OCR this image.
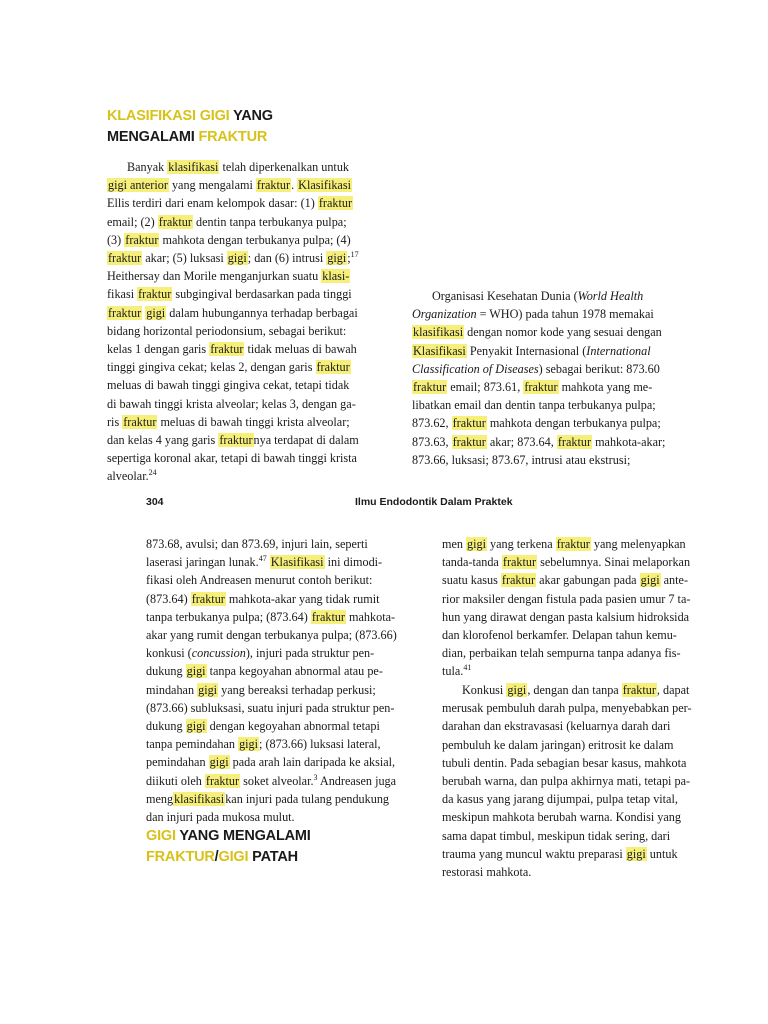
KLASIFIKASI GIGI YANG
MENGALAMI FRAKTUR
Banyak klasifikasi telah diperkenalkan untuk
gigi anterior yang mengalami fraktur. Klasifikasi
Ellis terdiri dari enam kelompok dasar: (1) fraktur
email; (2) fraktur dentin tanpa terbukanya pulpa;
(3) fraktur mahkota dengan terbukanya pulpa; (4)
fraktur akar; (5) luksasi gigi; dan (6) intrusi gigi;$^{17}$
Heithersay dan Morile menganjurkan suatu klasi-
fikasi fraktur subgingival berdasarkan pada tinggi
fraktur gigi dalam hubungannya terhadap berbagai
bidang horizontal periodonsium, sebagai berikut:
kelas 1 dengan garis fraktur tidak meluas di bawah
tinggi gingiva cekat; kelas 2, dengan garis fraktur
meluas di bawah tinggi gingiva cekat, tetapi tidak
di bawah tinggi krista alveolar; kelas 3, dengan ga-
ris fraktur meluas di bawah tinggi krista alveolar;
dan kelas 4 yang garis frakturnya terdapat di dalam
sepertiga koronal akar, tetapi di bawah tinggi krista
alveolar.$^{24}$
Organisasi Kesehatan Dunia (World Health
Organization = WHO) pada tahun 1978 memakai
klasifikasi dengan nomor kode yang sesuai dengan
Klasifikasi Penyakit Internasional (International
Classification of Diseases) sebagai berikut: 873.60
fraktur email; 873.61, fraktur mahkota yang me-
libatkan email dan dentin tanpa terbukanya pulpa;
873.62, fraktur mahkota dengan terbukanya pulpa;
873.63, fraktur akar; 873.64, fraktur mahkota-akar;
873.66, luksasi; 873.67, intrusi atau ekstrusi;
304	Ilmu Endodontik Dalam Praktek
873.68, avulsi; dan 873.69, injuri lain, seperti
laserasi jaringan lunak.$^{47}$ Klasifikasi ini dimodi-
fikasi oleh Andreasen menurut contoh berikut:
(873.64) fraktur mahkota-akar yang tidak rumit
tanpa terbukanya pulpa; (873.64) fraktur mahkota-
akar yang rumit dengan terbukanya pulpa; (873.66)
konkusi (concussion), injuri pada struktur pen-
dukung gigi tanpa kegoyahan abnormal atau pe-
mindahan gigi yang bereaksi terhadap perkusi;
(873.66) subluksasi, suatu injuri pada struktur pen-
dukung gigi dengan kegoyahan abnormal tetapi
tanpa pemindahan gigi; (873.66) luksasi lateral,
pemindahan gigi pada arah lain daripada ke aksial,
diikuti oleh fraktur soket alveolar.$^3$ Andreasen juga
mengklasifikasikan injuri pada tulang pendukung
dan injuri pada mukosa mulut.
GIGI YANG MENGALAMI
FRAKTUR/GIGI PATAH
men gigi yang terkena fraktur yang melenyapkan
tanda-tanda fraktur sebelumnya. Sinai melaporkan
suatu kasus fraktur akar gabungan pada gigi ante-
rior maksiler dengan fistula pada pasien umur 7 ta-
hun yang dirawat dengan pasta kalsium hidroksida
dan klorofenol berkamfer. Delapan tahun kemu-
dian, perbaikan telah sempurna tanpa adanya fis-
tula.$^{41}$
Konkusi gigi, dengan dan tanpa fraktur, dapat
merusak pembuluh darah pulpa, menyebabkan per-
darahan dan ekstravasasi (keluarnya darah dari
pembuluh ke dalam jaringan) eritrosit ke dalam
tubuli dentin. Pada sebagian besar kasus, mahkota
berubah warna, dan pulpa akhirnya mati, tetapi pa-
da kasus yang jarang dijumpai, pulpa tetap vital,
meskipun mahkota berubah warna. Kondisi yang
sama dapat timbul, meskipun tidak sering, dari
trauma yang muncul waktu preparasi gigi untuk
restorasi mahkota.
